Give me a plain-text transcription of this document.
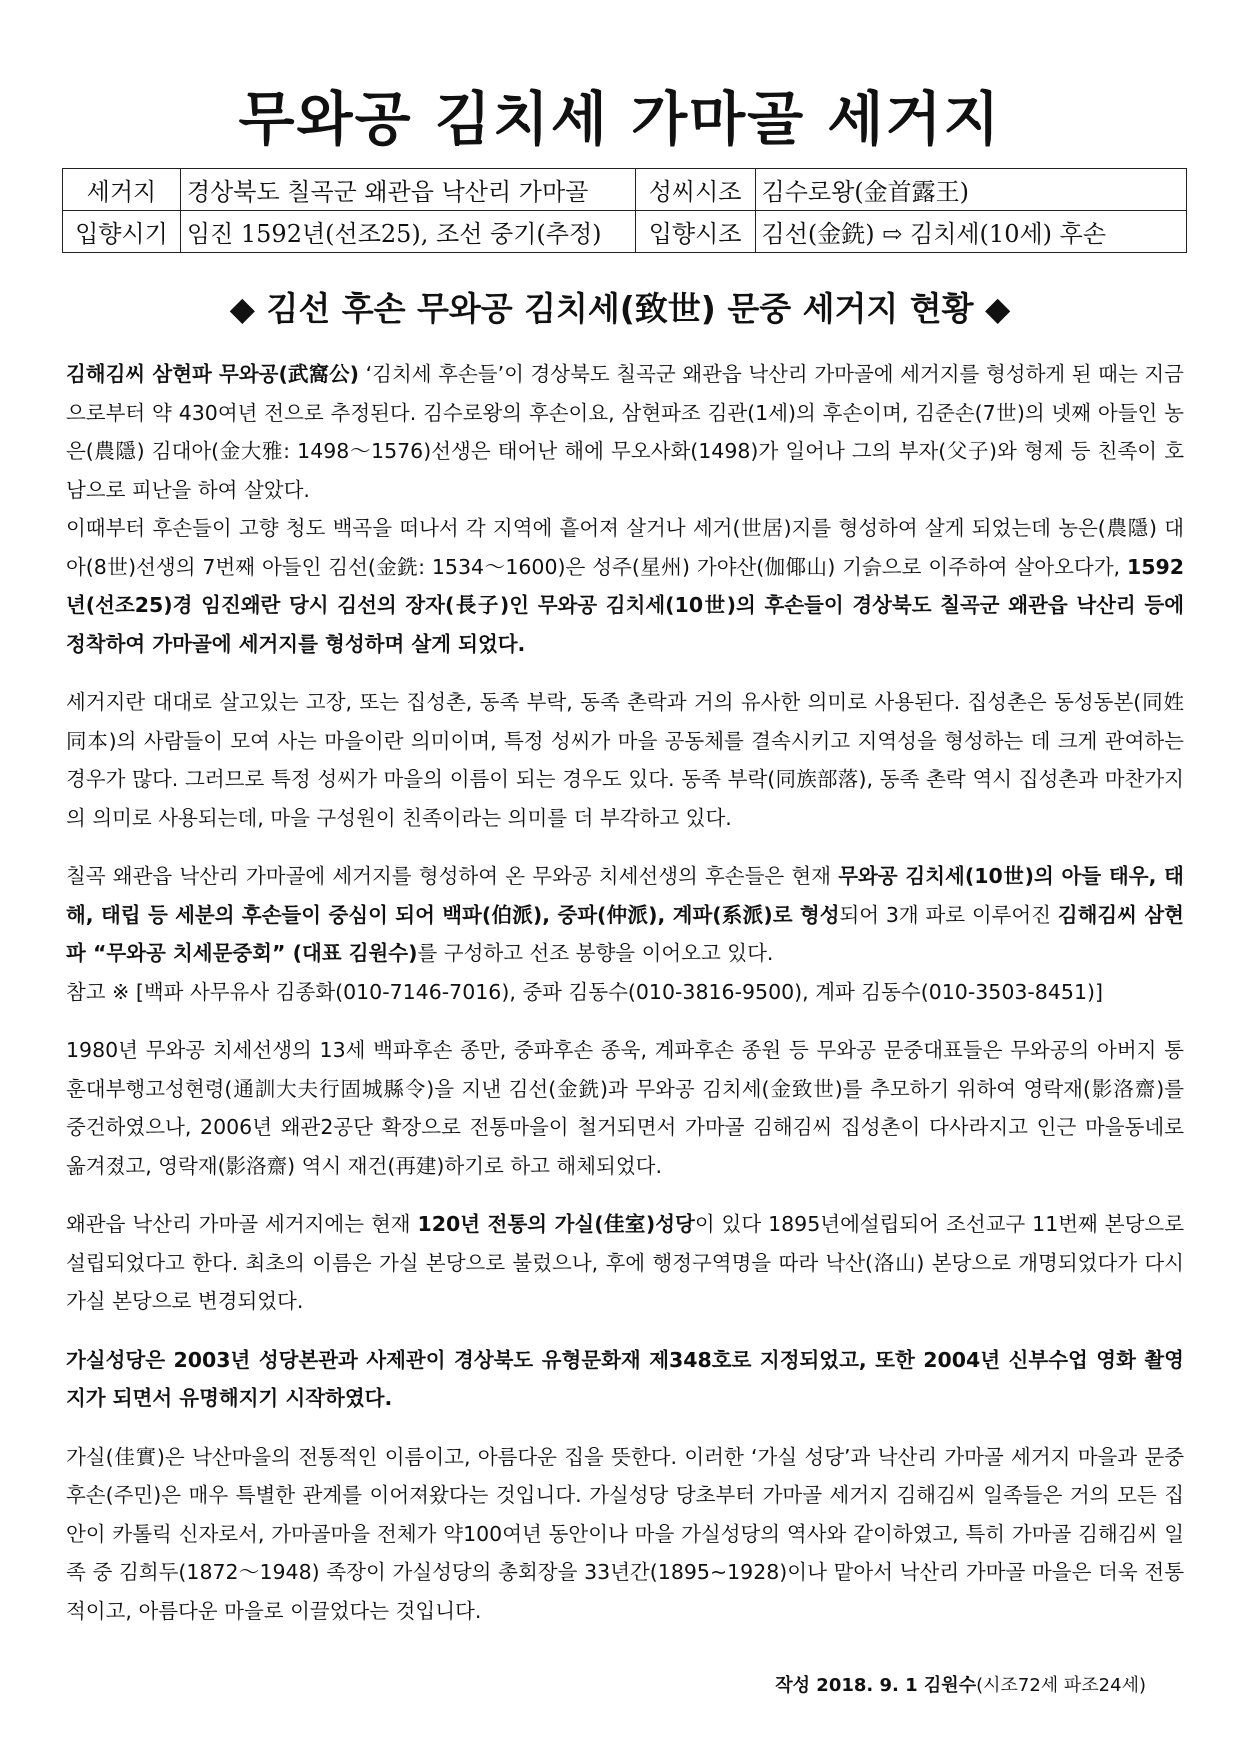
무와공 김치세 가마골 세거지
세거지	경상북도 칠곡군 왜관읍 낙산리 가마골	성씨시조	김수로왕(金首露王)
입향시기	임진 1592년(선조25), 조선 중기(추정)	입향시조	김선(金銑) ⇨ 김치세(10세) 후손
◆ 김선 후손 무와공 김치세(致世) 문중 세거지 현황 ◆

김해김씨 삼현파 무와공(武窩公) ‘김치세 후손들’이 경상북도 칠곡군 왜관읍 낙산리 가마골에 세거지를 형성하게 된 때는 지금으로부터 약 430여년 전으로 추정된다. 김수로왕의 후손이요, 삼현파조 김관(1세)의 후손이며, 김준손(7世)의 넷째 아들인 농은(農隱) 김대아(金大雅: 1498～1576)선생은 태어난 해에 무오사화(1498)가 일어나 그의 부자(父子)와 형제 등 친족이 호남으로 피난을 하여 살았다.

이때부터 후손들이 고향 청도 백곡을 떠나서 각 지역에 흩어져 살거나 세거(世居)지를 형성하여 살게 되었는데 농은(農隱) 대아(8世)선생의 7번째 아들인 김선(金銑: 1534～1600)은 성주(星州) 가야산(伽倻山) 기슭으로 이주하여 살아오다가, 1592년(선조25)경 임진왜란 당시 김선의 장자(長子)인 무와공 김치세(10世)의 후손들이 경상북도 칠곡군 왜관읍 낙산리 등에 정착하여 가마골에 세거지를 형성하며 살게 되었다.

세거지란 대대로 살고있는 고장, 또는 집성촌, 동족 부락, 동족 촌락과 거의 유사한 의미로 사용된다. 집성촌은 동성동본(同姓同本)의 사람들이 모여 사는 마을이란 의미이며, 특정 성씨가 마을 공동체를 결속시키고 지역성을 형성하는 데 크게 관여하는 경우가 많다. 그러므로 특정 성씨가 마을의 이름이 되는 경우도 있다. 동족 부락(同族部落), 동족 촌락 역시 집성촌과 마찬가지의 의미로 사용되는데, 마을 구성원이 친족이라는 의미를 더 부각하고 있다.

칠곡 왜관읍 낙산리 가마골에 세거지를 형성하여 온 무와공 치세선생의 후손들은 현재 무와공 김치세(10世)의 아들 태우, 태해, 태립 등 세분의 후손들이 중심이 되어 백파(伯派), 중파(仲派), 계파(系派)로 형성되어 3개 파로 이루어진 김해김씨 삼현파 “무와공 치세문중회” (대표 김원수)를 구성하고 선조 봉향을 이어오고 있다.

참고 ※ [백파 사무유사 김종화(010-7146-7016), 중파 김동수(010-3816-9500), 계파 김동수(010-3503-8451)]

1980년 무와공 치세선생의 13세 백파후손 종만, 중파후손 종욱, 계파후손 종원 등 무와공 문중대표들은 무와공의 아버지 통훈대부행고성현령(通訓大夫行固城縣令)을 지낸 김선(金銑)과 무와공 김치세(金致世)를 추모하기 위하여 영락재(影洛齋)를 중건하였으나, 2006년 왜관2공단 확장으로 전통마을이 철거되면서 가마골 김해김씨 집성촌이 다사라지고 인근 마을동네로 옮겨졌고, 영락재(影洛齋) 역시 재건(再建)하기로 하고 해체되었다.

왜관읍 낙산리 가마골 세거지에는 현재 120년 전통의 가실(佳室)성당이 있다 1895년에설립되어 조선교구 11번째 본당으로 설립되었다고 한다. 최초의 이름은 가실 본당으로 불렀으나, 후에 행정구역명을 따라 낙산(洛山) 본당으로 개명되었다가 다시 가실 본당으로 변경되었다.

가실성당은 2003년 성당본관과 사제관이 경상북도 유형문화재 제348호로 지정되었고, 또한 2004년 신부수업 영화 촬영지가 되면서 유명해지기 시작하였다.

가실(佳實)은 낙산마을의 전통적인 이름이고, 아름다운 집을 뜻한다. 이러한 ‘가실 성당’과 낙산리 가마골 세거지 마을과 문중후손(주민)은 매우 특별한 관계를 이어져왔다는 것입니다. 가실성당 당초부터 가마골 세거지 김해김씨 일족들은 거의 모든 집안이 카톨릭 신자로서, 가마골마을 전체가 약100여년 동안이나 마을 가실성당의 역사와 같이하였고, 특히 가마골 김해김씨 일족 중 김희두(1872～1948) 족장이 가실성당의 총회장을 33년간(1895~1928)이나 맡아서 낙산리 가마골 마을은 더욱 전통적이고, 아름다운 마을로 이끌었다는 것입니다.

작성 2018. 9. 1 김원수(시조72세 파조24세)
